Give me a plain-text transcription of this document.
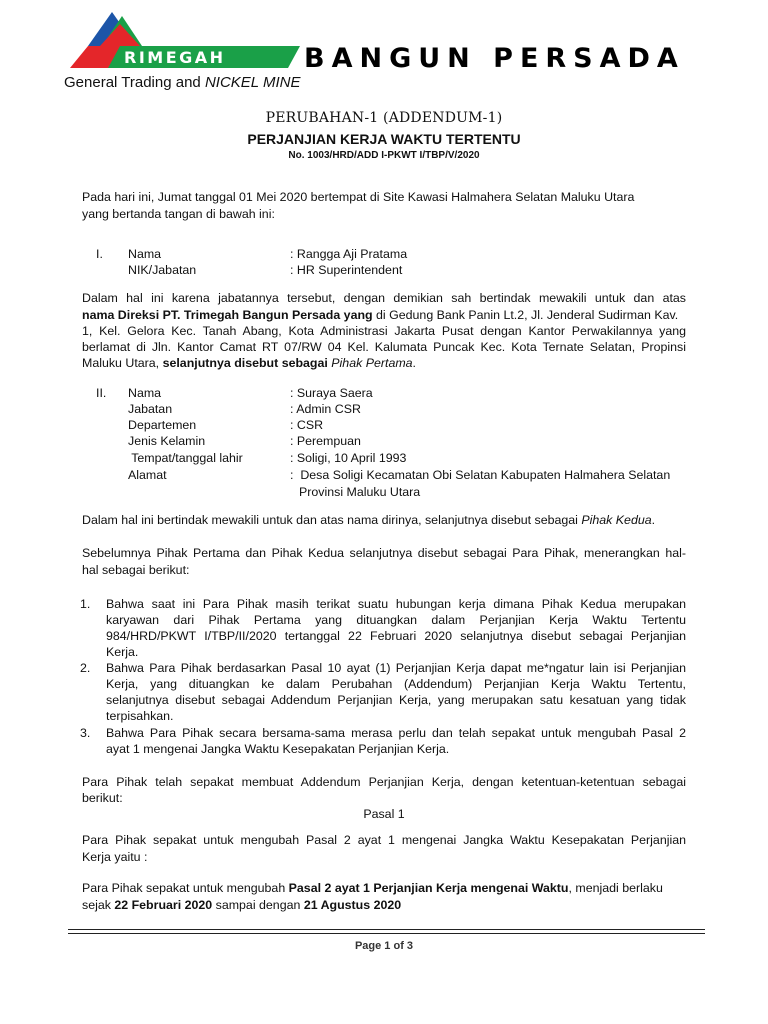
RIMEGAH	BANGUN PERSADA
General Trading and NICKEL MINE
PERUBAHAN-1 (ADDENDUM-1)
PERJANJIAN KERJA WAKTU TERTENTU
No. 1003/HRD/ADD I-PKWT I/TBP/V/2020
Pada hari ini, Jumat tanggal 01 Mei 2020 bertempat di Site Kawasi Halmahera Selatan Maluku Utara
yang bertanda tangan di bawah ini:
I. Nama	: Rangga Aji Pratama
NIK/Jabatan	: HR Superintendent
Dalam hal ini karena jabatannya tersebut, dengan demikian sah bertindak mewakili untuk dan atas
nama Direksi PT. Trimegah Bangun Persada yang di Gedung Bank Panin Lt.2, Jl. Jenderal Sudirman Kav.
1, Kel. Gelora Kec. Tanah Abang, Kota Administrasi Jakarta Pusat dengan Kantor Perwakilannya yang
berlamat di Jln. Kantor Camat RT 07/RW 04 Kel. Kalumata Puncak Kec. Kota Ternate Selatan, Propinsi
Maluku Utara, selanjutnya disebut sebagai Pihak Pertama.
II. Nama	: Suraya Saera
Jabatan	: Admin CSR
Departemen	: CSR
Jenis Kelamin	: Perempuan
Tempat/tanggal lahir	: Soligi, 10 April 1993
Alamat	:  Desa Soligi Kecamatan Obi Selatan Kabupaten Halmahera Selatan
Provinsi Maluku Utara
Dalam hal ini bertindak mewakili untuk dan atas nama dirinya, selanjutnya disebut sebagai Pihak Kedua.
Sebelumnya Pihak Pertama dan Pihak Kedua selanjutnya disebut sebagai Para Pihak, menerangkan hal-
hal sebagai berikut:
1. Bahwa saat ini Para Pihak masih terikat suatu hubungan kerja dimana Pihak Kedua merupakan
karyawan dari Pihak Pertama yang dituangkan dalam Perjanjian Kerja Waktu Tertentu
984/HRD/PKWT I/TBP/II/2020 tertanggal 22 Februari 2020 selanjutnya disebut sebagai Perjanjian
Kerja.
2. Bahwa Para Pihak berdasarkan Pasal 10 ayat (1) Perjanjian Kerja dapat me*ngatur lain isi Perjanjian
Kerja, yang dituangkan ke dalam Perubahan (Addendum) Perjanjian Kerja Waktu Tertentu,
selanjutnya disebut sebagai Addendum Perjanjian Kerja, yang merupakan satu kesatuan yang tidak
terpisahkan.
3. Bahwa Para Pihak secara bersama-sama merasa perlu dan telah sepakat untuk mengubah Pasal 2
ayat 1 mengenai Jangka Waktu Kesepakatan Perjanjian Kerja.
Para Pihak telah sepakat membuat Addendum Perjanjian Kerja, dengan ketentuan-ketentuan sebagai
berikut:
Pasal 1
Para Pihak sepakat untuk mengubah Pasal 2 ayat 1 mengenai Jangka Waktu Kesepakatan Perjanjian
Kerja yaitu :
Para Pihak sepakat untuk mengubah Pasal 2 ayat 1 Perjanjian Kerja mengenai Waktu, menjadi berlaku
sejak 22 Februari 2020 sampai dengan 21 Agustus 2020
Page 1 of 3
